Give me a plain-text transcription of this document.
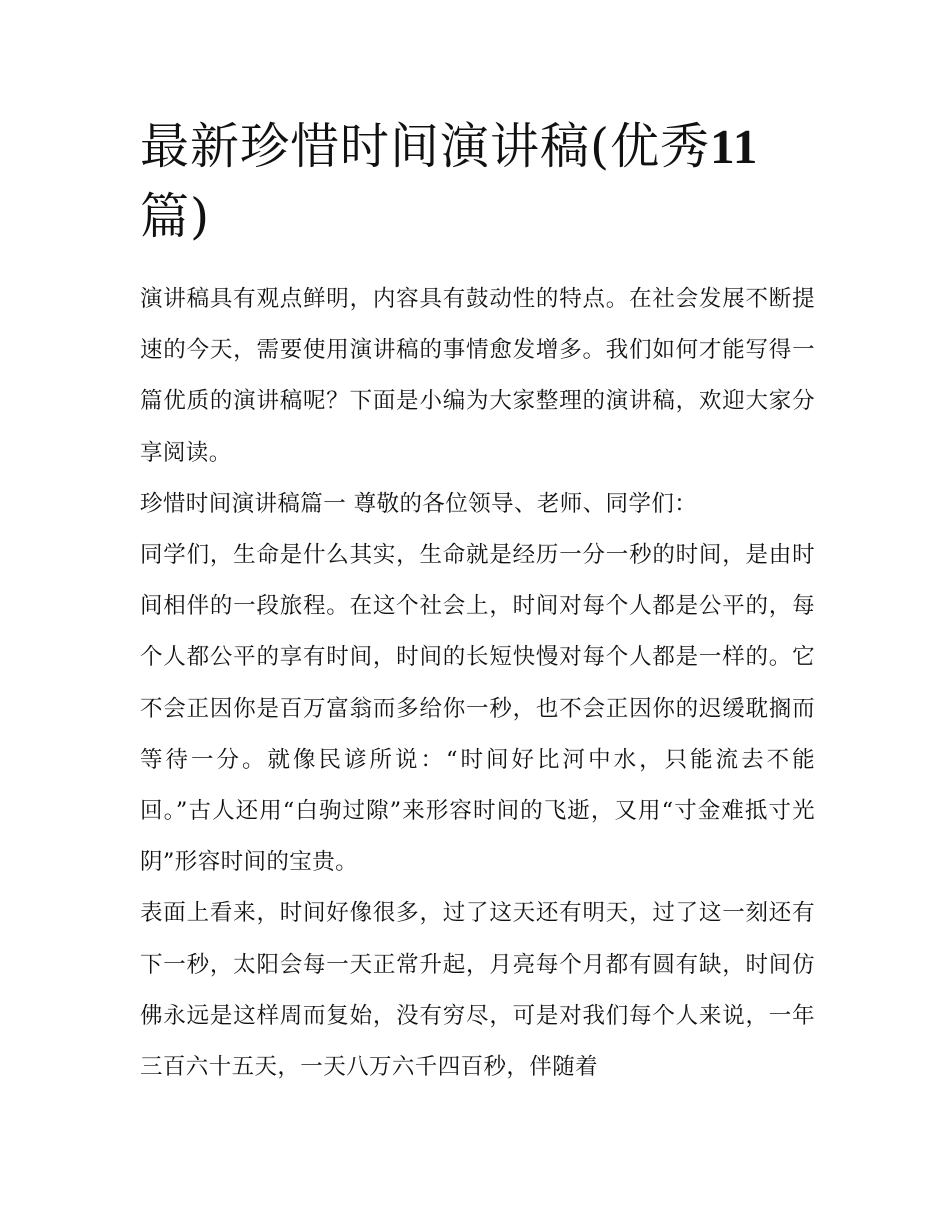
最新珍惜时间演讲稿(优秀11
篇)

演讲稿具有观点鲜明，内容具有鼓动性的特点。在社会发展不断提速的今天，需要使用演讲稿的事情愈发增多。我们如何才能写得一篇优质的演讲稿呢？下面是小编为大家整理的演讲稿，欢迎大家分享阅读。

珍惜时间演讲稿篇一 尊敬的各位领导、老师、同学们：

同学们，生命是什么其实，生命就是经历一分一秒的时间，是由时间相伴的一段旅程。在这个社会上，时间对每个人都是公平的，每个人都公平的享有时间，时间的长短快慢对每个人都是一样的。它不会正因你是百万富翁而多给你一秒，也不会正因你的迟缓耽搁而等待一分。就像民谚所说：“时间好比河中水，只能流去不能回。”古人还用“白驹过隙”来形容时间的飞逝，又用“寸金难抵寸光阴”形容时间的宝贵。

表面上看来，时间好像很多，过了这天还有明天，过了这一刻还有下一秒，太阳会每一天正常升起，月亮每个月都有圆有缺，时间仿佛永远是这样周而复始，没有穷尽，可是对我们每个人来说，一年三百六十五天，一天八万六千四百秒，伴随着
